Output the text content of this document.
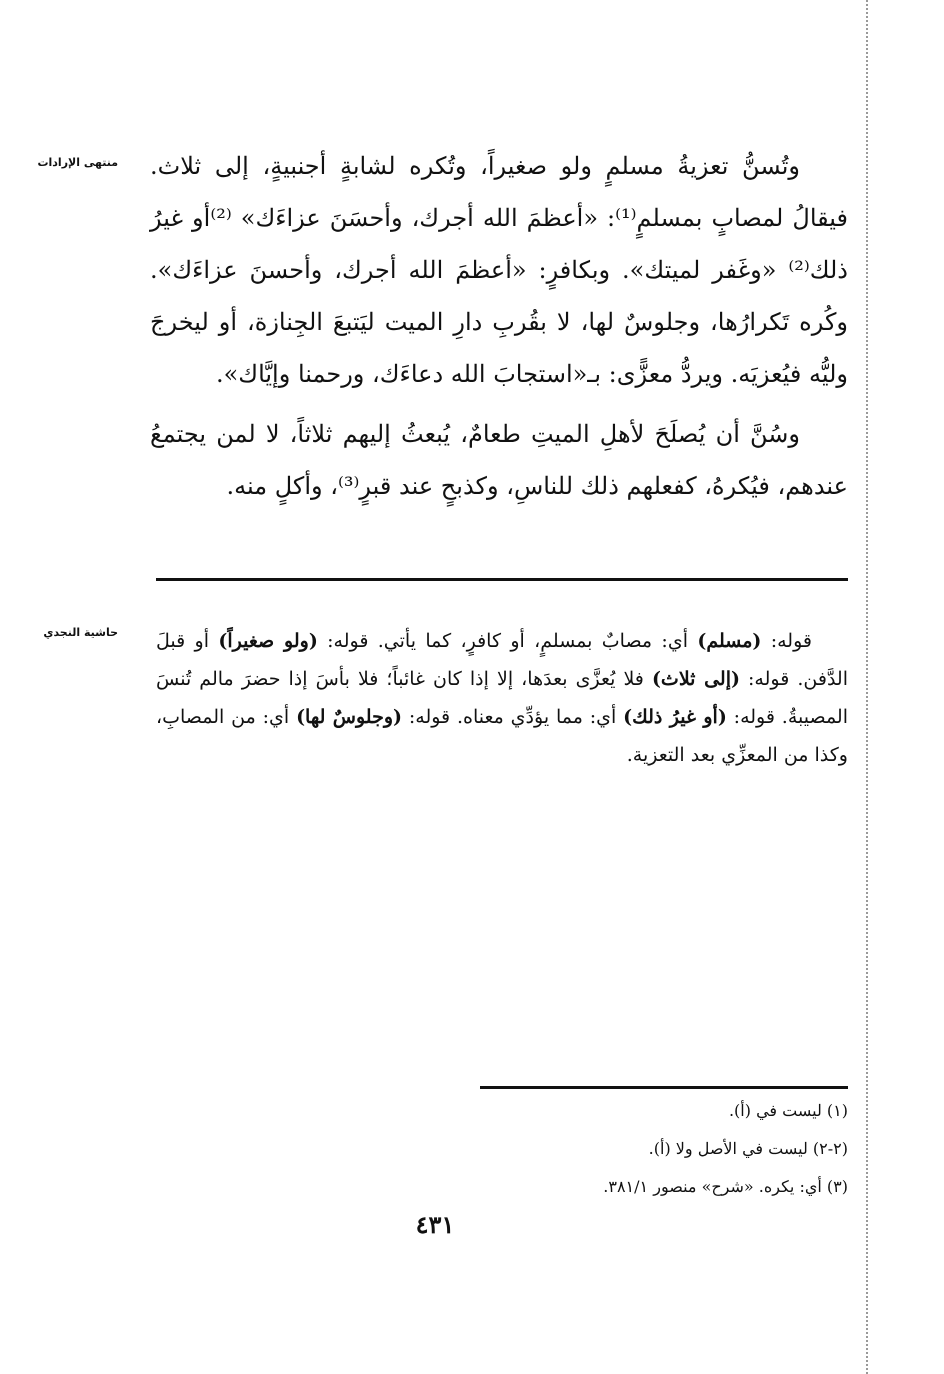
منتهى الإرادات وتُسنُّ تعزيةُ مسلمٍ ولو صغيراً، وتُكره لشابةٍ أجنبيةٍ، إلى ثلاث. فيقالُ لمصابٍ بمسلمٍ⁽¹⁾: «أعظمَ الله أجرك، وأحسَنَ عزاءَك» ⁽²⁾أو غيرُ ذلك⁽²⁾ «وغَفر لميتك». وبكافرٍ: «أعظمَ الله أجرك، وأحسنَ عزاءَك». وكُره تَكرارُها، وجلوسٌ لها، لا بقُربِ دارِ الميت ليَتبعَ الجِنازة، أو ليخرجَ وليُّه فيُعزيَه. ويردُّ معزًّى: بـ«استجابَ الله دعاءَك، ورحمنا وإيَّاك».

وسُنَّ أن يُصلَحَ لأهلِ الميتِ طعامٌ، يُبعثُ إليهم ثلاثاً، لا لمن يجتمعُ عندهم، فيُكرهُ، كفعلهم ذلك للناسِ، وكذبحٍ عند قبرٍ⁽³⁾، وأكلٍ منه.

حاشية النجدي	قوله: (مسلم) أي: مصابٌ بمسلمٍ، أو كافرٍ، كما يأتي. قوله: (ولو صغيراً) أو قبلَ الدَّفن. قوله: (إلى ثلاث) فلا يُعزَّى بعدَها، إلا إذا كان غائباً؛ فلا بأسَ إذا حضرَ مالم تُنسَ المصيبةُ. قوله: (أو غيرُ ذلك) أي: مما يؤدِّي معناه. قوله: (وجلوسٌ لها) أي: من المصابِ، وكذا من المعزِّي بعد التعزية.

(١) ليست في (أ).
(٢-٢) ليست في الأصل ولا (أ).
(٣) أي: يكره. «شرح» منصور ٣٨١/١.
٤٣١
